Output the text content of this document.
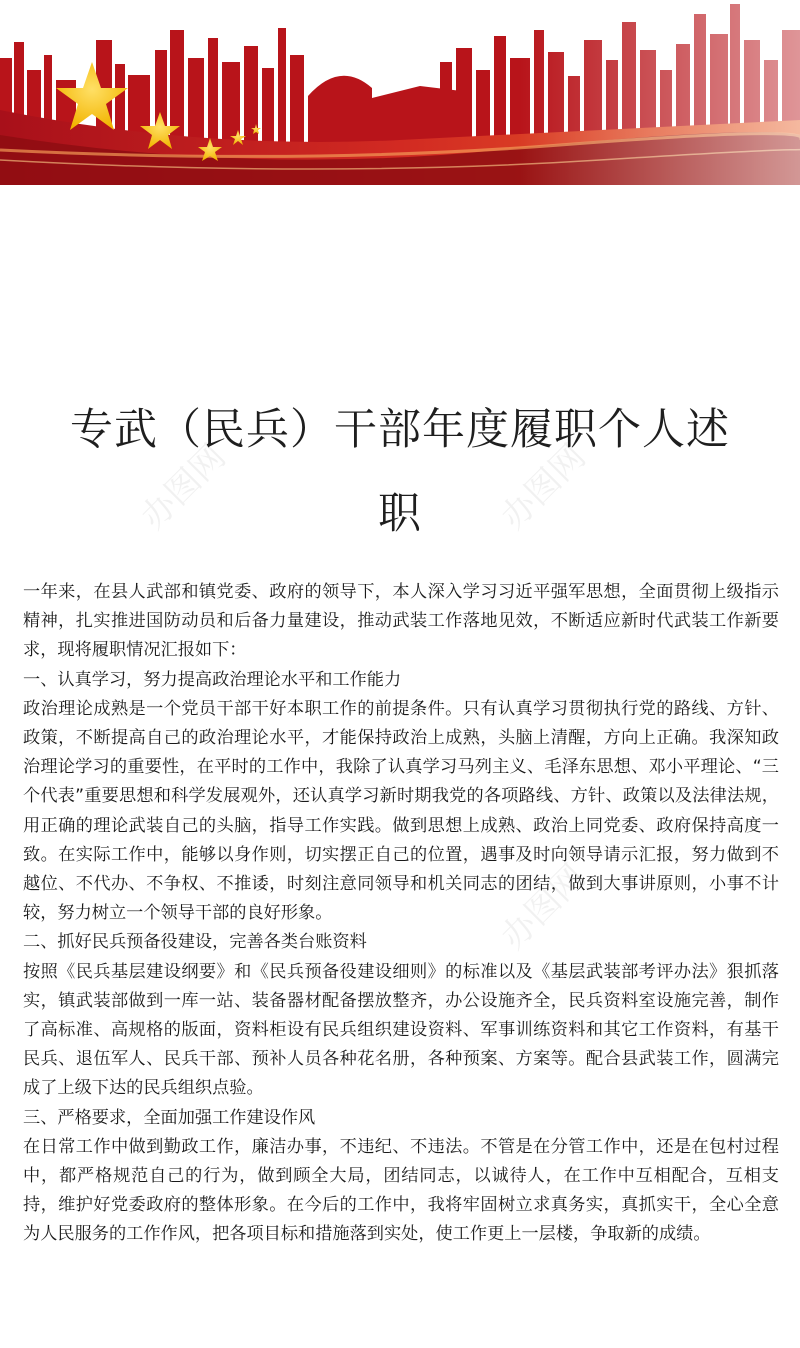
办图网	办图网
办图网
专武（民兵）干部年度履职个人述
职

一年来，在县人武部和镇党委、政府的领导下，本人深入学习习近平强军思想，全面贯彻上级指示精神，扎实推进国防动员和后备力量建设，推动武装工作落地见效，不断适应新时代武装工作新要求，现将履职情况汇报如下：

一、认真学习，努力提高政治理论水平和工作能力

政治理论成熟是一个党员干部干好本职工作的前提条件。只有认真学习贯彻执行党的路线、方针、政策，不断提高自己的政治理论水平，才能保持政治上成熟，头脑上清醒，方向上正确。我深知政治理论学习的重要性，在平时的工作中，我除了认真学习马列主义、毛泽东思想、邓小平理论、“三个代表”重要思想和科学发展观外，还认真学习新时期我党的各项路线、方针、政策以及法律法规，用正确的理论武装自己的头脑，指导工作实践。做到思想上成熟、政治上同党委、政府保持高度一致。在实际工作中，能够以身作则，切实摆正自己的位置，遇事及时向领导请示汇报，努力做到不越位、不代办、不争权、不推诿，时刻注意同领导和机关同志的团结，做到大事讲原则，小事不计较，努力树立一个领导干部的良好形象。

二、抓好民兵预备役建设，完善各类台账资料

按照《民兵基层建设纲要》和《民兵预备役建设细则》的标准以及《基层武装部考评办法》狠抓落实，镇武装部做到一库一站、装备器材配备摆放整齐，办公设施齐全，民兵资料室设施完善，制作了高标准、高规格的版面，资料柜设有民兵组织建设资料、军事训练资料和其它工作资料，有基干民兵、退伍军人、民兵干部、预补人员各种花名册，各种预案、方案等。配合县武装工作，圆满完成了上级下达的民兵组织点验。

三、严格要求，全面加强工作建设作风

在日常工作中做到勤政工作，廉洁办事，不违纪、不违法。不管是在分管工作中，还是在包村过程中，都严格规范自己的行为，做到顾全大局，团结同志，以诚待人，在工作中互相配合，互相支持，维护好党委政府的整体形象。在今后的工作中，我将牢固树立求真务实，真抓实干，全心全意为人民服务的工作作风，把各项目标和措施落到实处，使工作更上一层楼，争取新的成绩。
